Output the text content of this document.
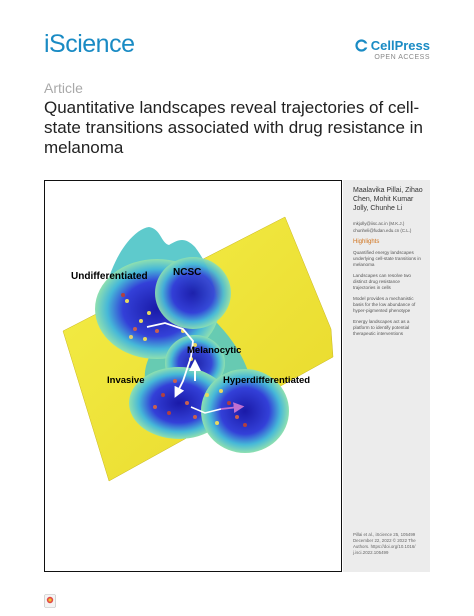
iScience	CellPress
OPEN ACCESS
Article
Quantitative landscapes reveal trajectories of cell-state transitions associated with drug resistance in melanoma
Undifferentiated	NCSC
Melanocytic
Invasive	Hyperdifferentiated
Maalavika Pillai, Zihao Chen, Mohit Kumar Jolly, Chunhe Li
mkjolly@iisc.ac.in (M.K.J.) chunheli@fudan.edu.cn (C.L.)
Highlights
Quantified energy landscapes underlying cell-state transitions in melanoma
Landscapes can resolve two distinct drug resistance trajectories in cells
Model provides a mechanistic basis for the low abundance of hyper-pigmented phenotype
Energy landscapes act as a platform to identify potential therapeutic interventions
Pillai et al., iScience 25, 105499 December 22, 2022 © 2022 The Authors. https://doi.org/10.1016/ j.isci.2022.105499
